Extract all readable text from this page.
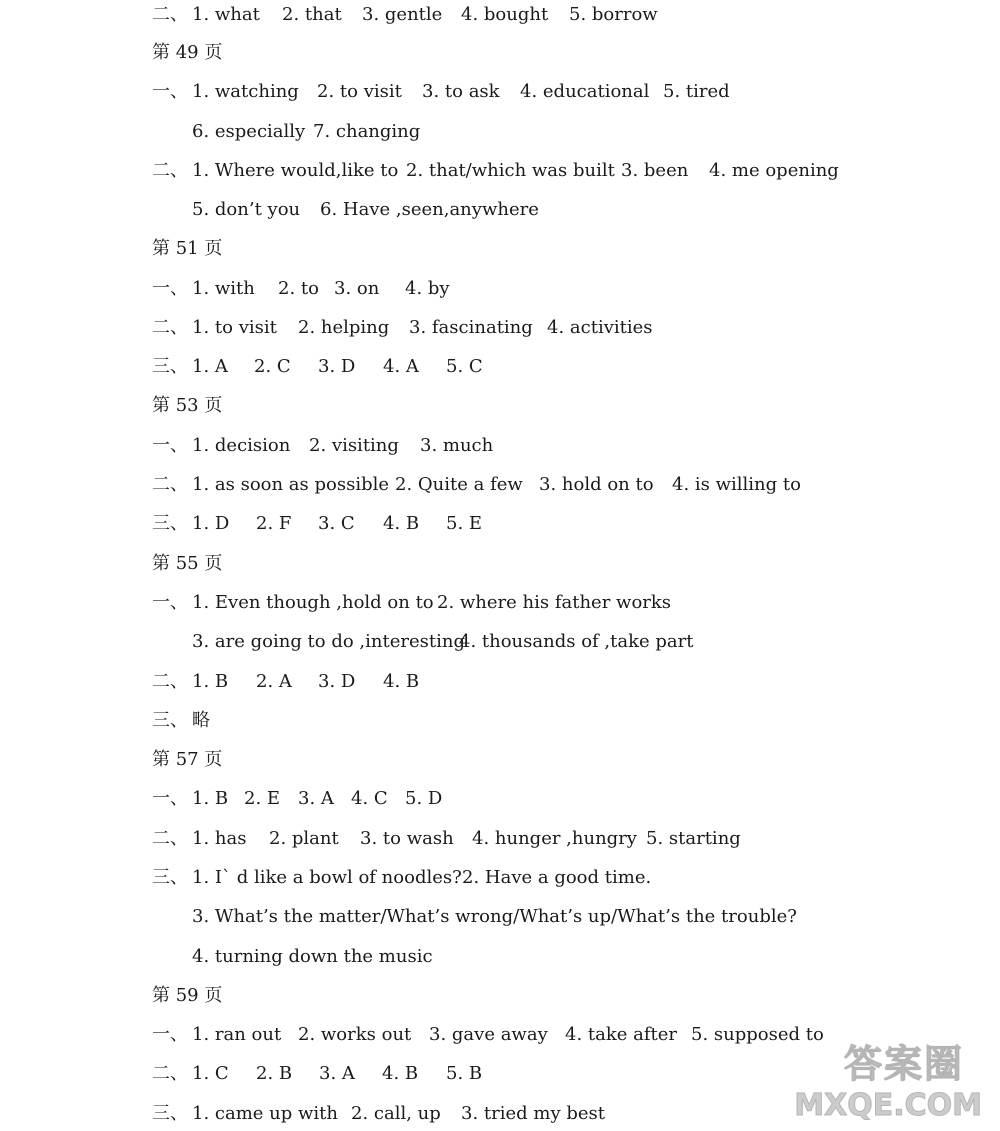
二、 1. what 2. that 3. gentle 4. bought 5. borrow
第 49 页
一、 1. watching 2. to visit 3. to ask 4. educational 5. tired
6. especially 7. changing
二、 1. Where would,like to 2. that/which was built 3. been 4. me opening
5. don’t you 6. Have ,seen,anywhere
第 51 页
一、 1. with 2. to 3. on 4. by
二、 1. to visit 2. helping 3. fascinating 4. activities
三、 1. A 2. C 3. D 4. A 5. C
第 53 页
一、 1. decision 2. visiting 3. much
二、 1. as soon as possible 2. Quite a few 3. hold on to 4. is willing to
三、 1. D 2. F 3. C 4. B 5. E
第 55 页
一、 1. Even though ,hold on to 2. where his father works
3. are going to do ,interesting
4. thousands of ,take part
二、 1. B 2. A 3. D 4. B
三、 略
第 57 页
一、 1. B 2. E 3. A 4. C 5. D
二、 1. has 2. plant 3. to wash 4. hunger ,hungry 5. starting
三、 1. I` d like a bowl of noodles? 2. Have a good time.
3. What’s the matter/What’s wrong/What’s up/What’s the trouble?
4. turning down the music
第 59 页
一、 1. ran out 2. works out 3. gave away 4. take after 5. supposed to
二、 1. C 2. B 3. A 4. B 5. B
三、 1. came up with 2. call, up 3. tried my best
答案圈
MXQE.COM
